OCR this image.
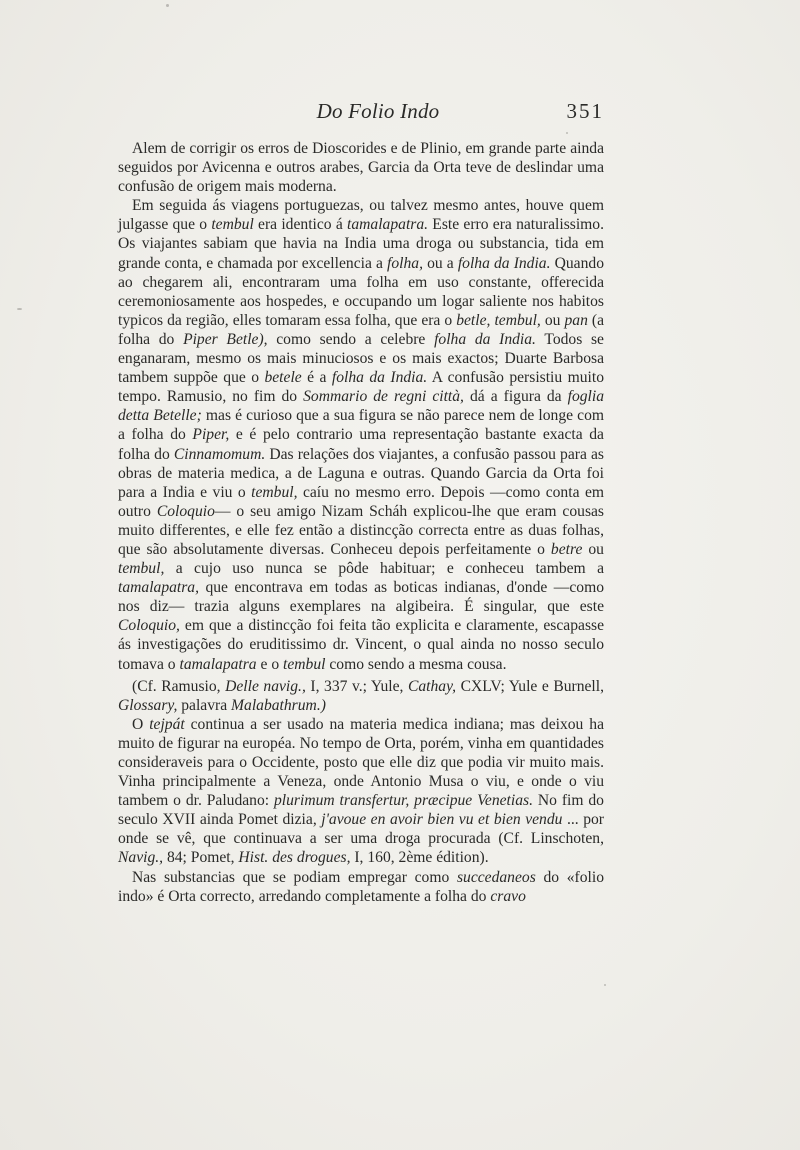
Do Folio Indo	351

Alem de corrigir os erros de Dioscorides e de Plinio, em grande parte ainda seguidos por Avicenna e outros arabes, Garcia da Orta teve de deslindar uma confusão de origem mais moderna.

Em seguida ás viagens portuguezas, ou talvez mesmo antes, houve quem julgasse que o tembul era identico á tamalapatra. Este erro era naturalissimo. Os viajantes sabiam que havia na India uma droga ou substancia, tida em grande conta, e chamada por excellencia a folha, ou a folha da India. Quando ao chegarem ali, encontraram uma folha em uso constante, offerecida ceremoniosamente aos hospedes, e occupando um logar saliente nos habitos typicos da região, elles tomaram essa folha, que era o betle, tembul, ou pan (a folha do Piper Betle), como sendo a celebre folha da India. Todos se enganaram, mesmo os mais minuciosos e os mais exactos; Duarte Barbosa tambem suppõe que o betele é a folha da India. A confusão persistiu muito tempo. Ramusio, no fim do Sommario de regni città, dá a figura da foglia detta Betelle; mas é curioso que a sua figura se não parece nem de longe com a folha do Piper, e é pelo contrario uma representação bastante exacta da folha do Cinnamomum. Das relações dos viajantes, a confusão passou para as obras de materia medica, a de Laguna e outras. Quando Garcia da Orta foi para a India e viu o tembul, caíu no mesmo erro. Depois —como conta em outro Coloquio— o seu amigo Nizam Scháh explicou-lhe que eram cousas muito differentes, e elle fez então a distincção correcta entre as duas folhas, que são absolutamente diversas. Conheceu depois perfeitamente o betre ou tembul, a cujo uso nunca se pôde habituar; e conheceu tambem a tamalapatra, que encontrava em todas as boticas indianas, d'onde —como nos diz— trazia alguns exemplares na algibeira. É singular, que este Coloquio, em que a distincção foi feita tão explicita e claramente, escapasse ás investigações do eruditissimo dr. Vincent, o qual ainda no nosso seculo tomava o tamalapatra e o tembul como sendo a mesma cousa.

(Cf. Ramusio, Delle navig., I, 337 v.; Yule, Cathay, CXLV; Yule e Burnell, Glossary, palavra Malabathrum.)

O tejpát continua a ser usado na materia medica indiana; mas deixou ha muito de figurar na européa. No tempo de Orta, porém, vinha em quantidades consideraveis para o Occidente, posto que elle diz que podia vir muito mais. Vinha principalmente a Veneza, onde Antonio Musa o viu, e onde o viu tambem o dr. Paludano: plurimum transfertur, præcipue Venetias. No fim do seculo XVII ainda Pomet dizia, j'avoue en avoir bien vu et bien vendu ... por onde se vê, que continuava a ser uma droga procurada (Cf. Linschoten, Navig., 84; Pomet, Hist. des drogues, I, 160, 2ème édition).

Nas substancias que se podiam empregar como succedaneos do «folio indo» é Orta correcto, arredando completamente a folha do cravo
